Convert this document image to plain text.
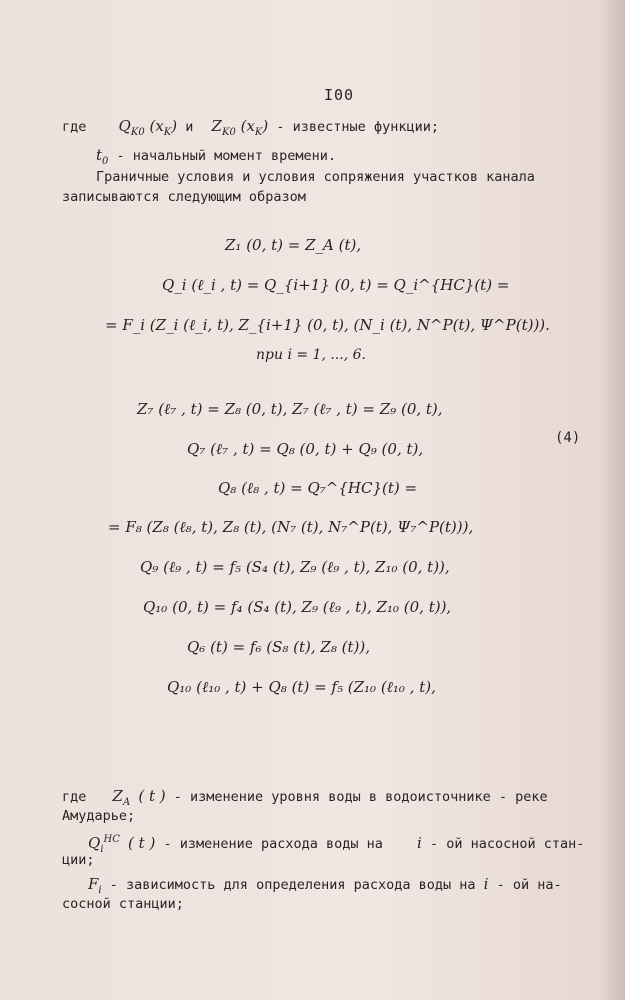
I00
где $Q_{K0}$ $(x_K)$ и $Z_{K0}$ $(x_K)$ - известные функции;
$t_0$ - начальный момент времени.
Граничные условия и условия сопряжения участков канала
записываются следующим образом
Z₁ (0, t) = Z_A (t),
Q_i (ℓ_i , t) = Q_{i+1} (0, t) = Q_i^{HC}(t) =
= F_i (Z_i (ℓ_i, t), Z_{i+1} (0, t), (N_i (t), N^P(t), Ψ^P(t))).
при i = 1, ..., 6.
Z₇ (ℓ₇ , t) = Z₈ (0, t), Z₇ (ℓ₇ , t) = Z₉ (0, t),
Q₇ (ℓ₇ , t) = Q₈ (0, t) + Q₉ (0, t),
Q₈ (ℓ₈ , t) = Q₇^{HC}(t) =
= F₈ (Z₈ (ℓ₈, t), Z₈ (t), (N₇ (t), N₇^P(t), Ψ₇^P(t))),
Q₉ (ℓ₉ , t) = f₅ (S₄ (t), Z₉ (ℓ₉ , t), Z₁₀ (0, t)),
Q₁₀ (0, t) = f₄ (S₄ (t), Z₉ (ℓ₉ , t), Z₁₀ (0, t)),
Q₆ (t) = f₆ (S₈ (t), Z₈ (t)),
Q₁₀ (ℓ₁₀ , t) + Q₈ (t) = f₅ (Z₁₀ (ℓ₁₀ , t),
(4)
где $Z_A$ ( t ) - изменение уровня воды в водоисточнике - реке
Амударье;
$Q_i^{HC}$ ( t ) - изменение расхода воды на i - ой насосной стан-
ции;
$F_i$ - зависимость для определения расхода воды на i - ой на-
сосной станции;
